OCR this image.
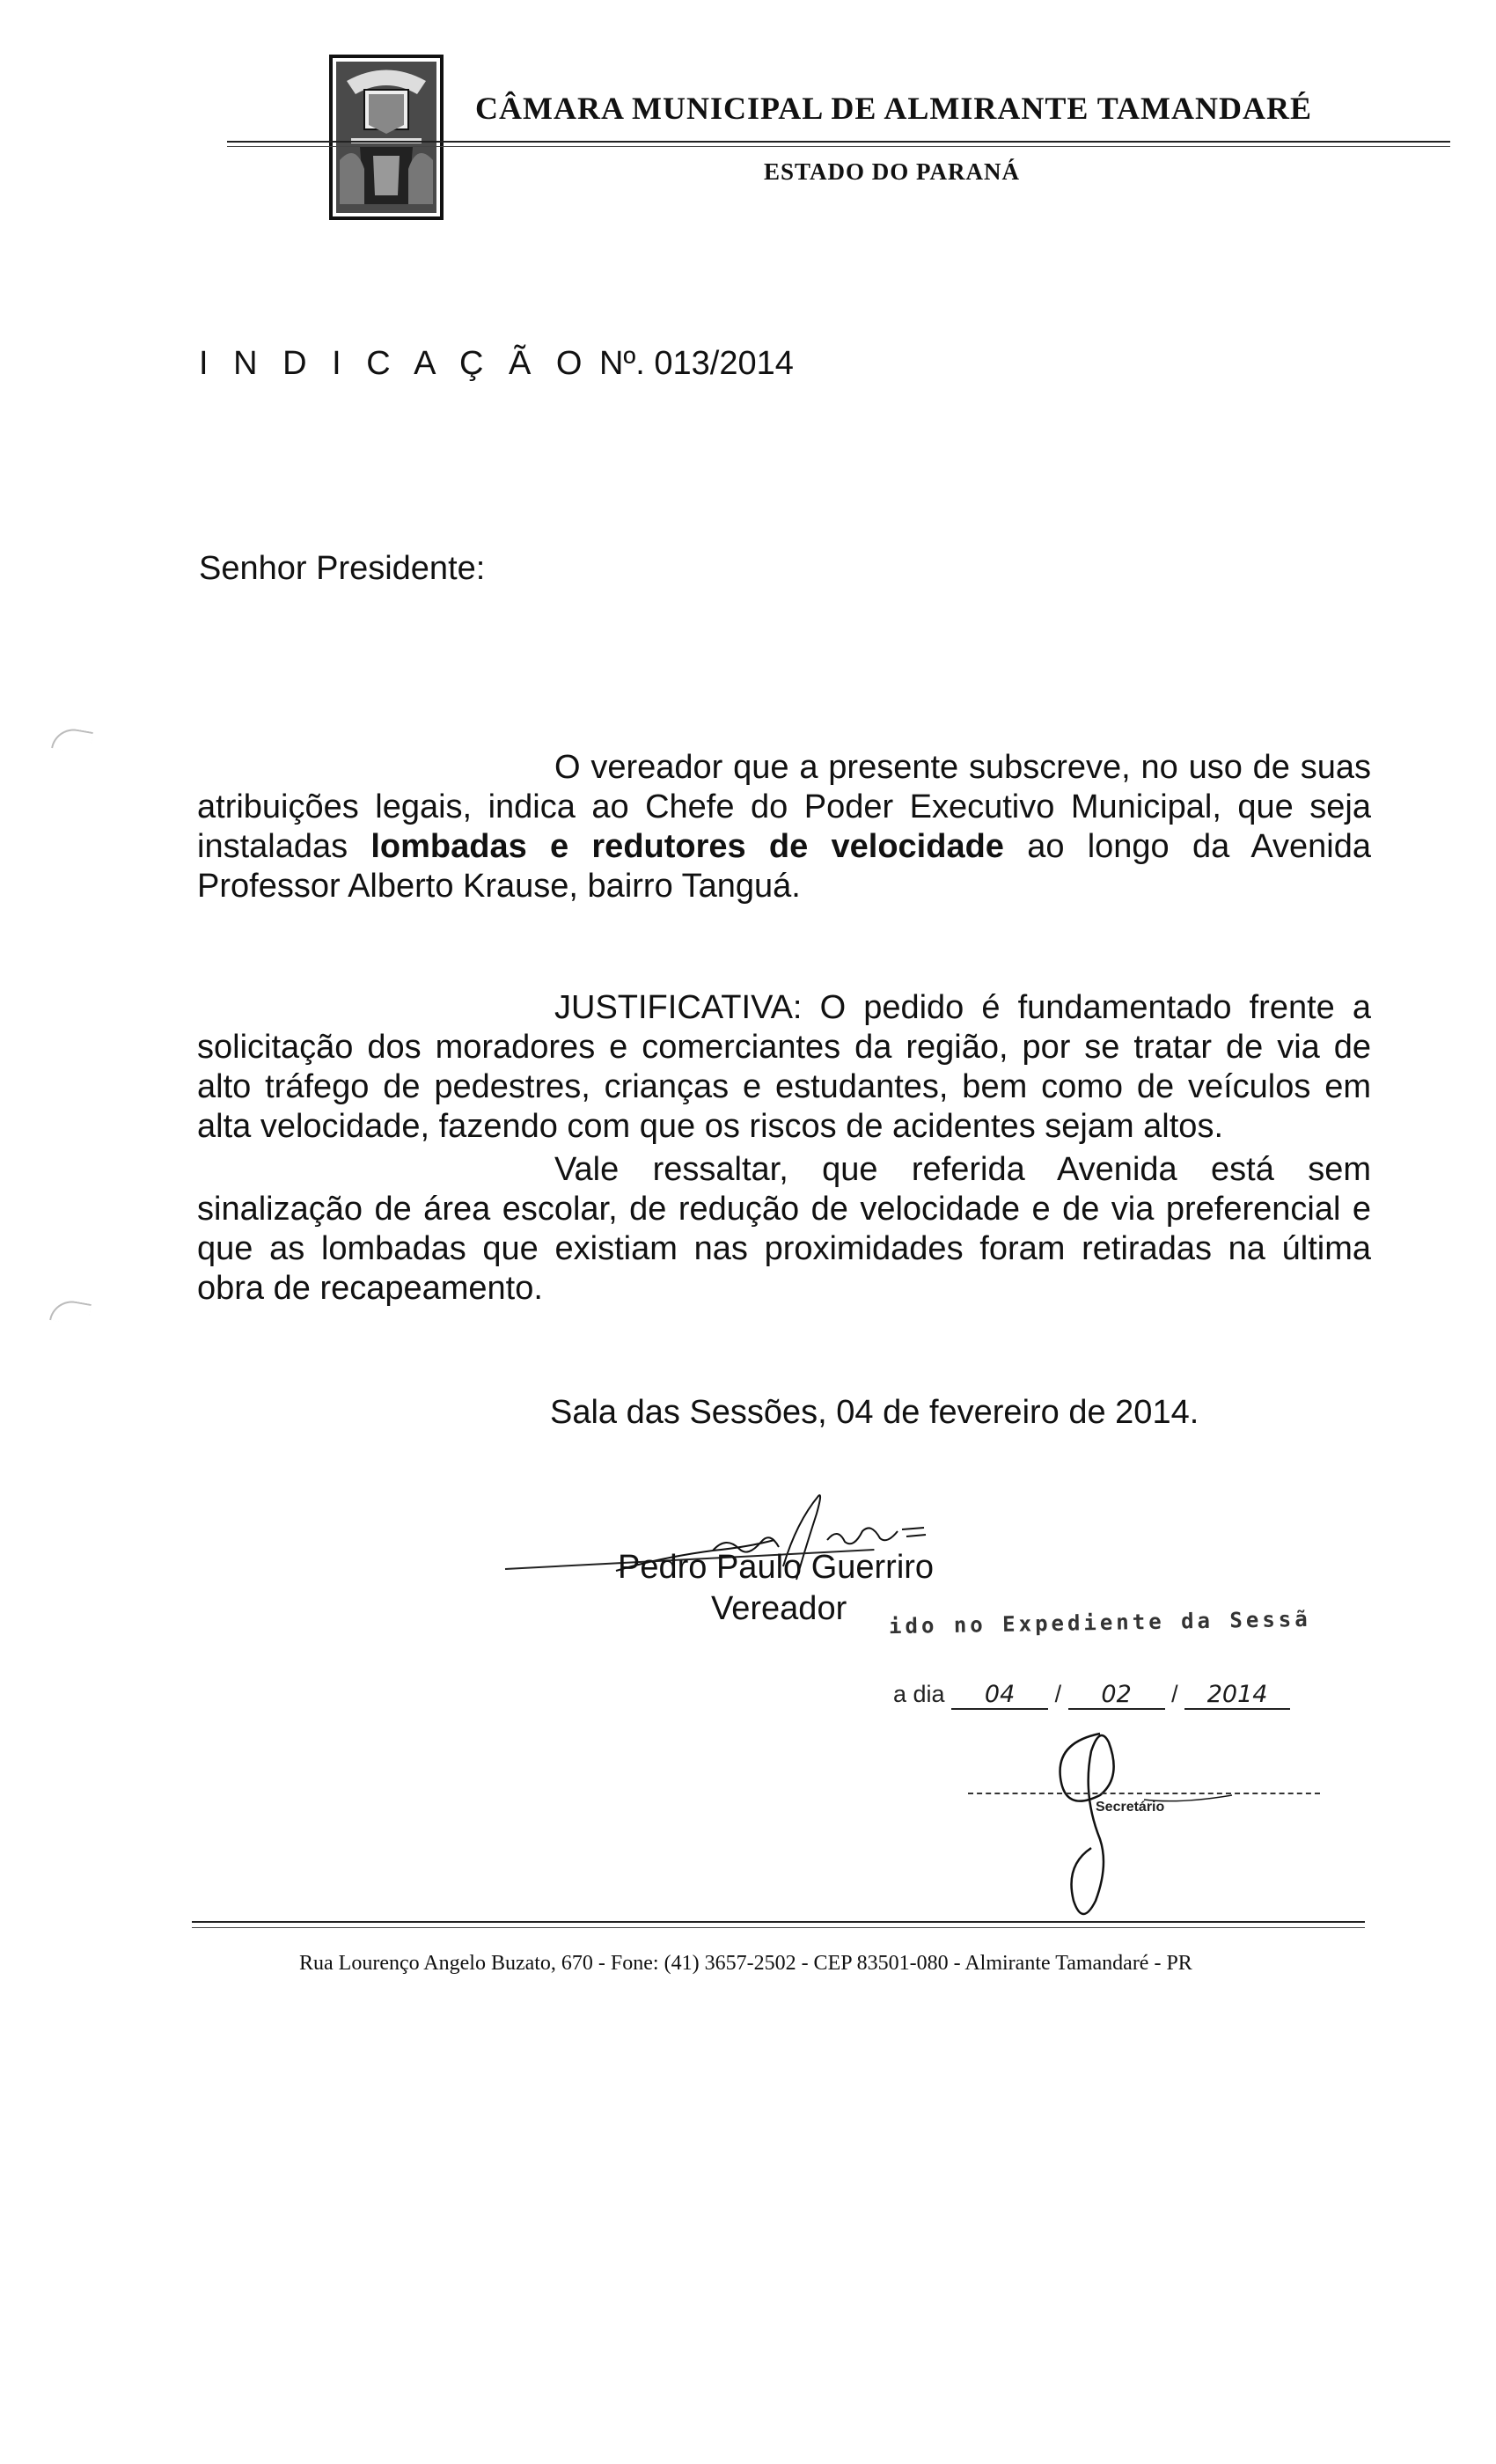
CÂMARA MUNICIPAL DE ALMIRANTE TAMANDARÉ
ESTADO DO PARANÁ
I N D I C A Ç Ã O Nº. 013/2014
Senhor Presidente:
O vereador que a presente subscreve, no uso de suas atribuições legais, indica ao Chefe do Poder Executivo Municipal, que seja instaladas lombadas e redutores de velocidade ao longo da Avenida Professor Alberto Krause, bairro Tanguá.
JUSTIFICATIVA: O pedido é fundamentado frente a solicitação dos moradores e comerciantes da região, por se tratar de via de alto tráfego de pedestres, crianças e estudantes, bem como de veículos em alta velocidade, fazendo com que os riscos de acidentes sejam altos.
Vale ressaltar, que referida Avenida está sem sinalização de área escolar, de redução de velocidade e de via preferencial e que as lombadas que existiam nas proximidades foram retiradas na última obra de recapeamento.
Sala das Sessões, 04 de fevereiro de 2014.
Pedro Paulo Guerriro
Vereador ido no Expediente da Sessã
a dia 04 / 02 / 2014
Secretário
Rua Lourenço Angelo Buzato, 670 - Fone: (41) 3657-2502 - CEP 83501-080 - Almirante Tamandaré - PR
